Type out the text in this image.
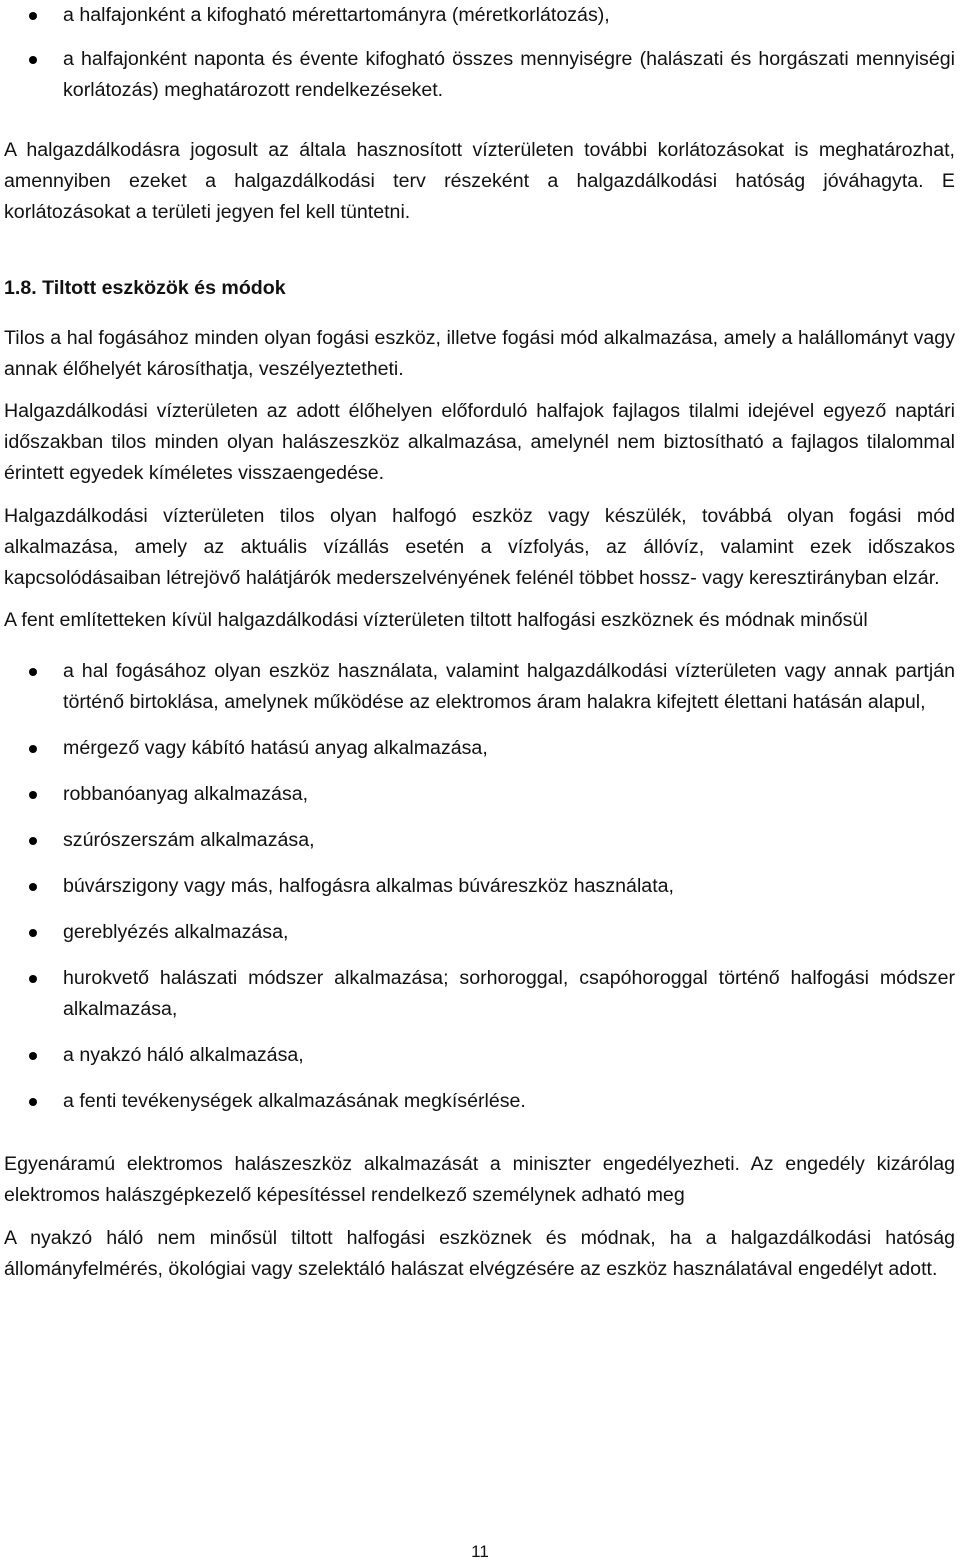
a halfajonként a kifogható mérettartományra (méretkorlátozás),
a halfajonként naponta és évente kifogható összes mennyiségre (halászati és horgászati mennyiségi korlátozás) meghatározott rendelkezéseket.

A halgazdálkodásra jogosult az általa hasznosított vízterületen további korlátozásokat is meghatározhat, amennyiben ezeket a halgazdálkodási terv részeként a halgazdálkodási hatóság jóváhagyta. E korlátozásokat a területi jegyen fel kell tüntetni.

1.8. Tiltott eszközök és módok

Tilos a hal fogásához minden olyan fogási eszköz, illetve fogási mód alkalmazása, amely a halállományt vagy annak élőhelyét károsíthatja, veszélyeztetheti.

Halgazdálkodási vízterületen az adott élőhelyen előforduló halfajok fajlagos tilalmi idejével egyező naptári időszakban tilos minden olyan halászeszköz alkalmazása, amelynél nem biztosítható a fajlagos tilalommal érintett egyedek kíméletes visszaengedése.

Halgazdálkodási vízterületen tilos olyan halfogó eszköz vagy készülék, továbbá olyan fogási mód alkalmazása, amely az aktuális vízállás esetén a vízfolyás, az állóvíz, valamint ezek időszakos kapcsolódásaiban létrejövő halátjárók mederszelvényének felénél többet hossz- vagy keresztirányban elzár.

A fent említetteken kívül halgazdálkodási vízterületen tiltott halfogási eszköznek és módnak minősül

a hal fogásához olyan eszköz használata, valamint halgazdálkodási vízterületen vagy annak partján történő birtoklása, amelynek működése az elektromos áram halakra kifejtett élettani hatásán alapul,
mérgező vagy kábító hatású anyag alkalmazása,
robbanóanyag alkalmazása,
szúrószerszám alkalmazása,
búvárszigony vagy más, halfogásra alkalmas búváreszköz használata,
gereblyézés alkalmazása,
hurokvető halászati módszer alkalmazása; sorhoroggal, csapóhoroggal történő halfogási módszer alkalmazása,
a nyakzó háló alkalmazása,
a fenti tevékenységek alkalmazásának megkísérlése.

Egyenáramú elektromos halászeszköz alkalmazását a miniszter engedélyezheti. Az engedély kizárólag elektromos halászgépkezelő képesítéssel rendelkező személynek adható meg

A nyakzó háló nem minősül tiltott halfogási eszköznek és módnak, ha a halgazdálkodási hatóság állományfelmérés, ökológiai vagy szelektáló halászat elvégzésére az eszköz használatával engedélyt adott.

11
